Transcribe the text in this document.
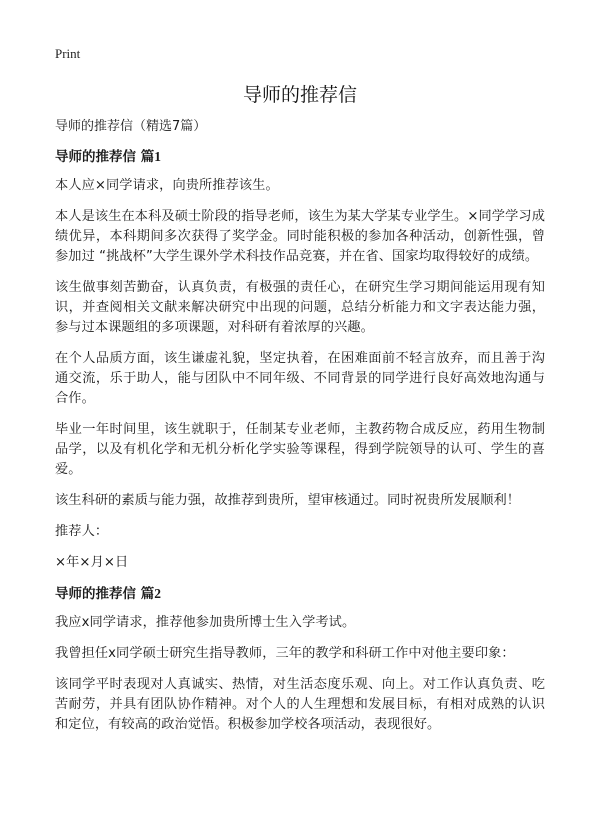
Print
导师的推荐信
导师的推荐信（精选7篇）
导师的推荐信 篇1

本人应×同学请求，向贵所推荐该生。

本人是该生在本科及硕士阶段的指导老师，该生为某大学某专业学生。×同学学习成绩优异，本科期间多次获得了奖学金。同时能积极的参加各种活动，创新性强，曾参加过 “挑战杯”大学生课外学术科技作品竞赛，并在省、国家均取得较好的成绩。

该生做事刻苦勤奋，认真负责，有极强的责任心，在研究生学习期间能运用现有知识，并查阅相关文献来解决研究中出现的问题，总结分析能力和文字表达能力强，参与过本课题组的多项课题，对科研有着浓厚的兴趣。

在个人品质方面，该生谦虚礼貌，坚定执着，在困难面前不轻言放弃，而且善于沟通交流，乐于助人，能与团队中不同年级、不同背景的同学进行良好高效地沟通与合作。

毕业一年时间里，该生就职于，任制某专业老师，主教药物合成反应，药用生物制品学，以及有机化学和无机分析化学实验等课程，得到学院领导的认可、学生的喜爱。

该生科研的素质与能力强，故推荐到贵所，望审核通过。同时祝贵所发展顺利！

推荐人：

×年×月×日

导师的推荐信 篇2

我应x同学请求，推荐他参加贵所博士生入学考试。

我曾担任x同学硕士研究生指导教师，三年的教学和科研工作中对他主要印象：

该同学平时表现对人真诚实、热情，对生活态度乐观、向上。对工作认真负责、吃苦耐劳，并具有团队协作精神。对个人的人生理想和发展目标，有相对成熟的认识和定位，有较高的政治觉悟。积极参加学校各项活动，表现很好。
